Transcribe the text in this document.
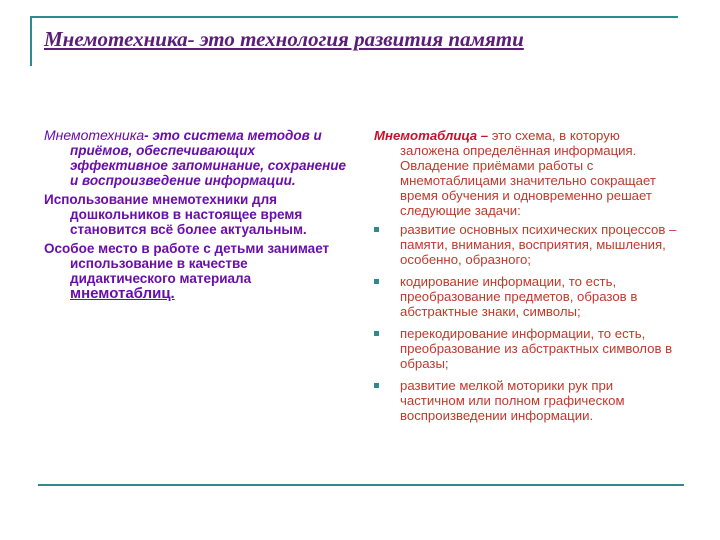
Мнемотехника- это технология развития памяти

Мнемотехника- это система методов и приёмов, обеспечивающих эффективное запоминание, сохранение и воспроизведение информации.

Использование мнемотехники для дошкольников в настоящее время становится всё более актуальным.

Особое место в работе с детьми занимает использование в качестве дидактического материала мнемотаблиц.

Мнемотаблица – это схема, в которую заложена определённая информация. Овладение приёмами работы с мнемотаблицами значительно сокращает время обучения и одновременно решает следующие задачи:

развитие основных психических процессов – памяти, внимания, восприятия, мышления, особенно, образного;
кодирование информации, то есть, преобразование предметов, образов в абстрактные знаки, символы;
перекодирование информации, то есть, преобразование из абстрактных символов в образы;
развитие мелкой моторики рук при частичном или полном графическом воспроизведении информации.
